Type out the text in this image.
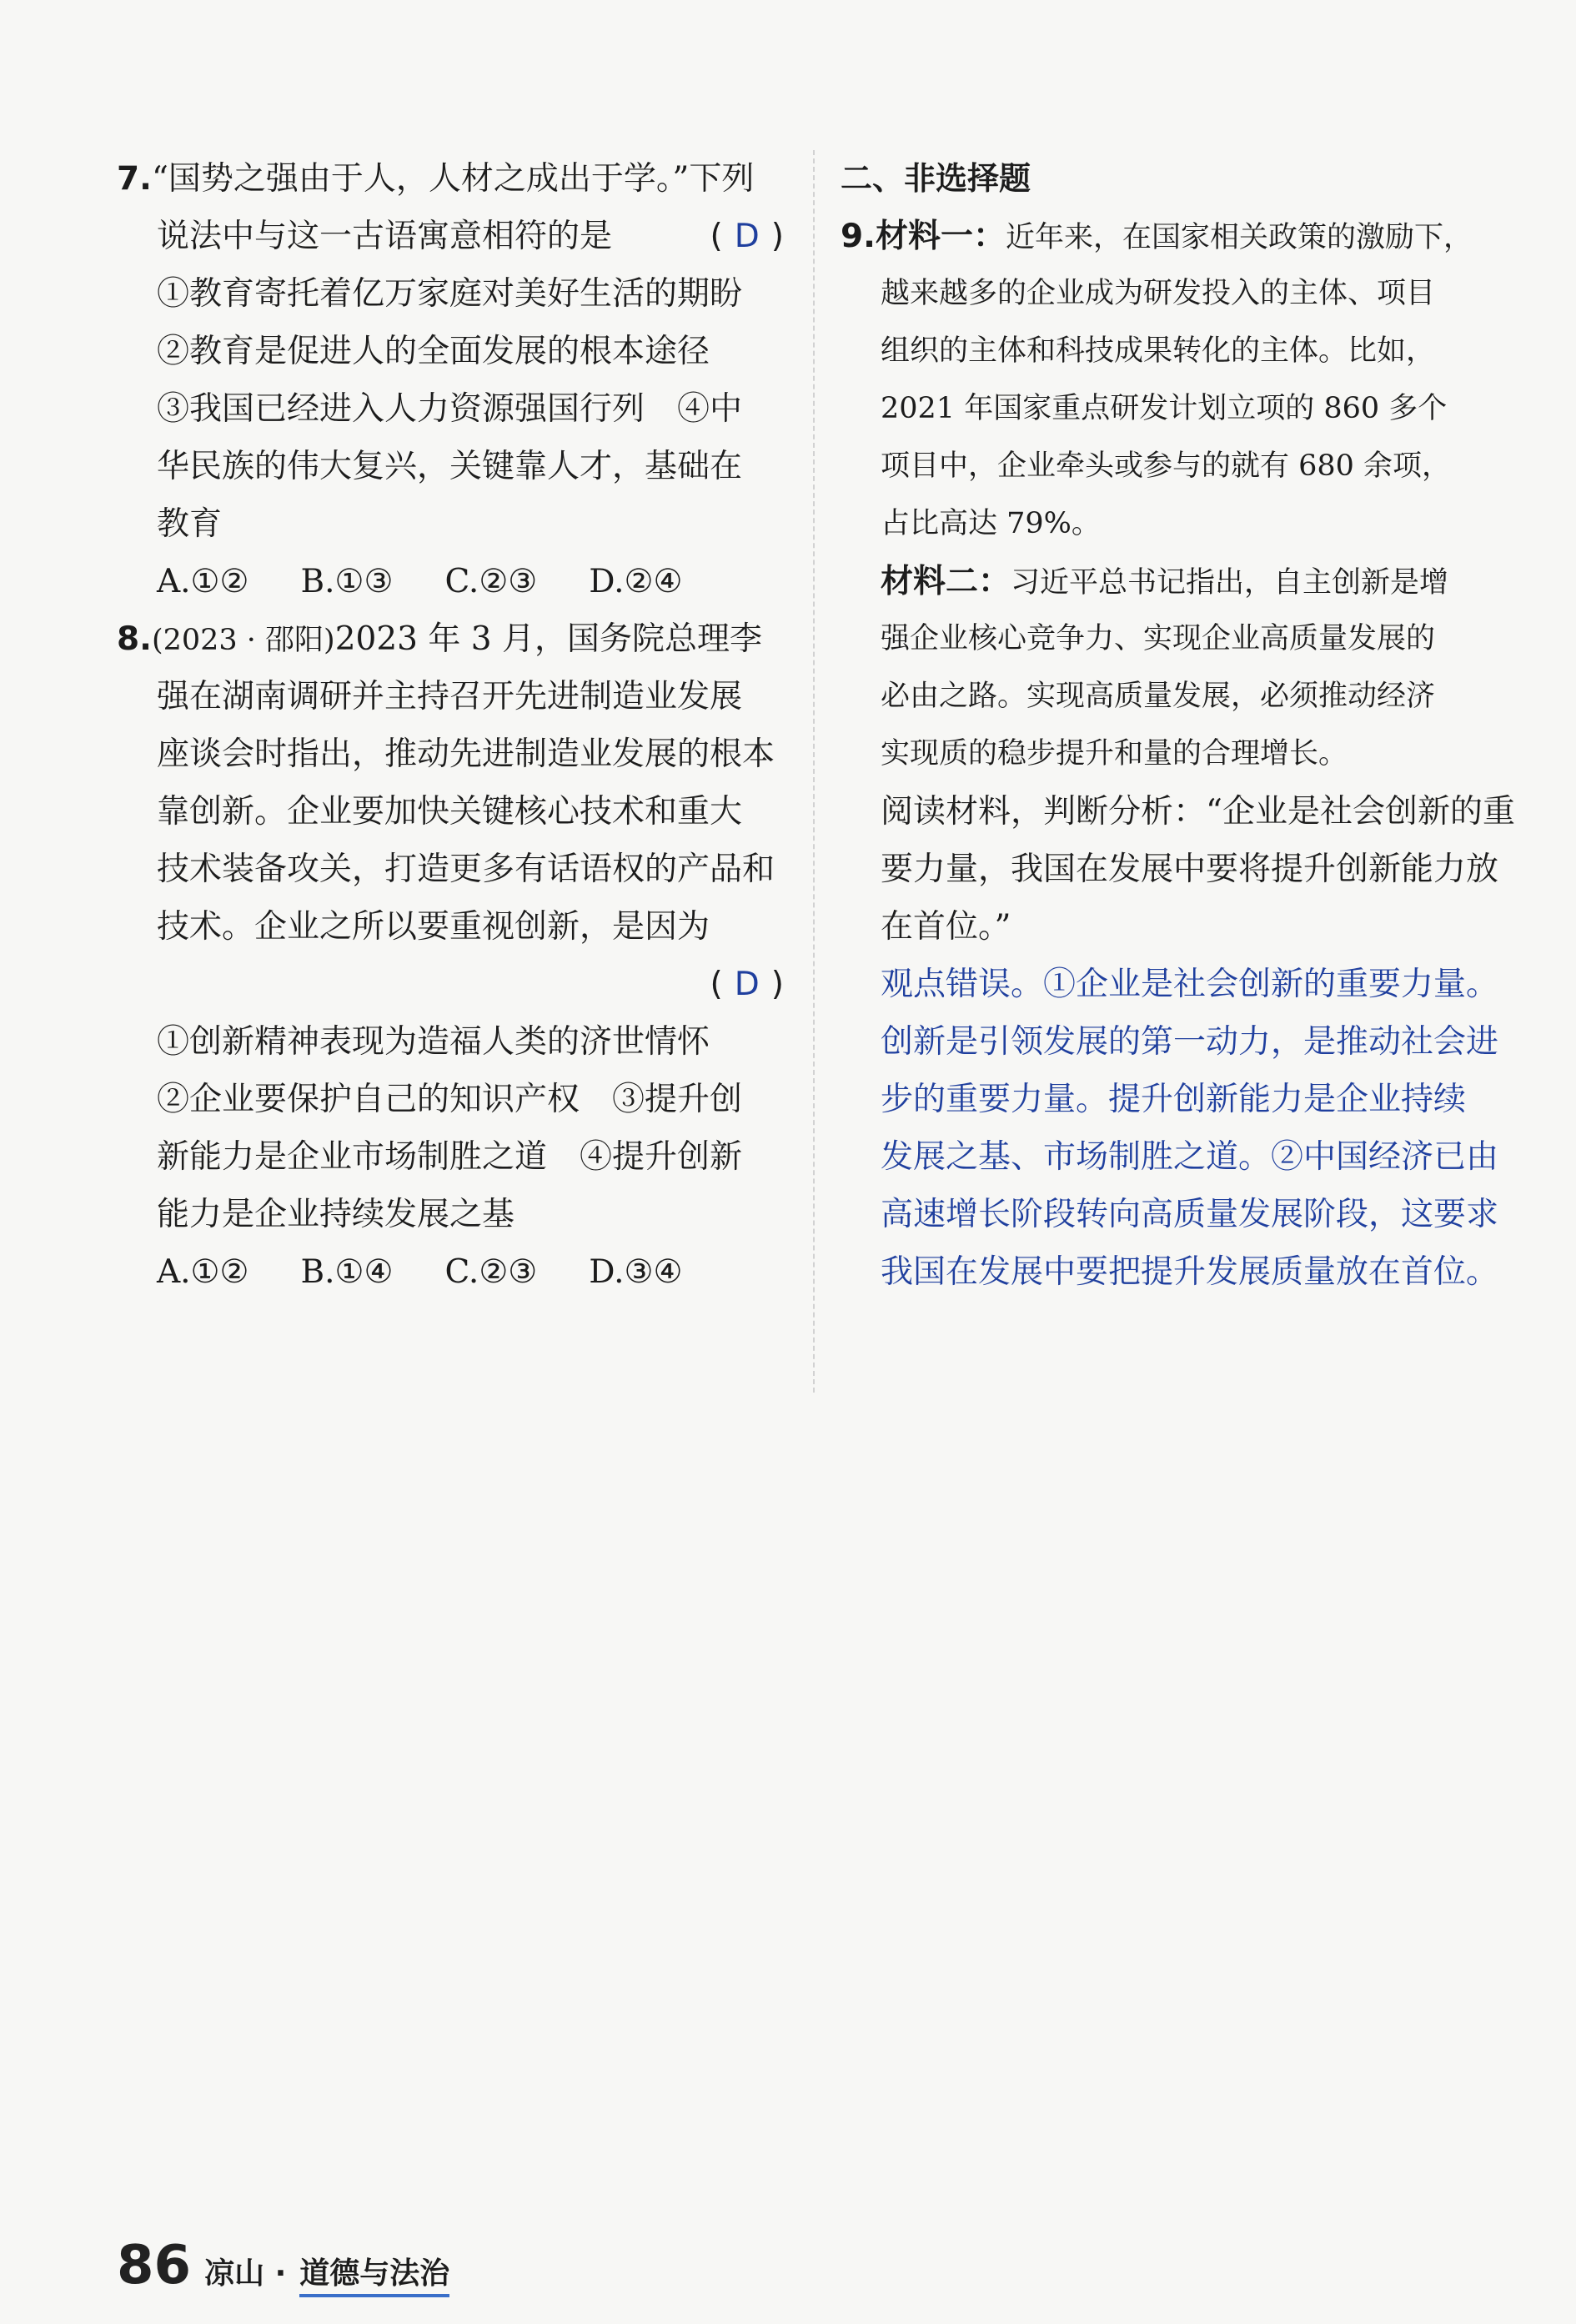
7.“国势之强由于人，人材之成出于学。”下列
说法中与这一古语寓意相符的是	( D )
①教育寄托着亿万家庭对美好生活的期盼
②教育是促进人的全面发展的根本途径
③我国已经进入人力资源强国行列　④中
华民族的伟大复兴，关键靠人才，基础在
教育
A.①② B.①③ C.②③ D.②④
8.(2023 · 邵阳)2023 年 3 月，国务院总理李
强在湖南调研并主持召开先进制造业发展
座谈会时指出，推动先进制造业发展的根本
靠创新。企业要加快关键核心技术和重大
技术装备攻关，打造更多有话语权的产品和
技术。企业之所以要重视创新，是因为
( D )
①创新精神表现为造福人类的济世情怀
②企业要保护自己的知识产权　③提升创
新能力是企业市场制胜之道　④提升创新
能力是企业持续发展之基
A.①② B.①④ C.②③ D.③④
二、非选择题
9.材料一：近年来，在国家相关政策的激励下，
越来越多的企业成为研发投入的主体、项目
组织的主体和科技成果转化的主体。比如，
2021 年国家重点研发计划立项的 860 多个
项目中，企业牵头或参与的就有 680 余项，
占比高达 79%。
材料二：习近平总书记指出，自主创新是增
强企业核心竞争力、实现企业高质量发展的
必由之路。实现高质量发展，必须推动经济
实现质的稳步提升和量的合理增长。
阅读材料，判断分析：“企业是社会创新的重
要力量，我国在发展中要将提升创新能力放
在首位。”
观点错误。①企业是社会创新的重要力量。
创新是引领发展的第一动力，是推动社会进
步的重要力量。提升创新能力是企业持续
发展之基、市场制胜之道。②中国经济已由
高速增长阶段转向高质量发展阶段，这要求
我国在发展中要把提升发展质量放在首位。
86 凉山 · 道德与法治
